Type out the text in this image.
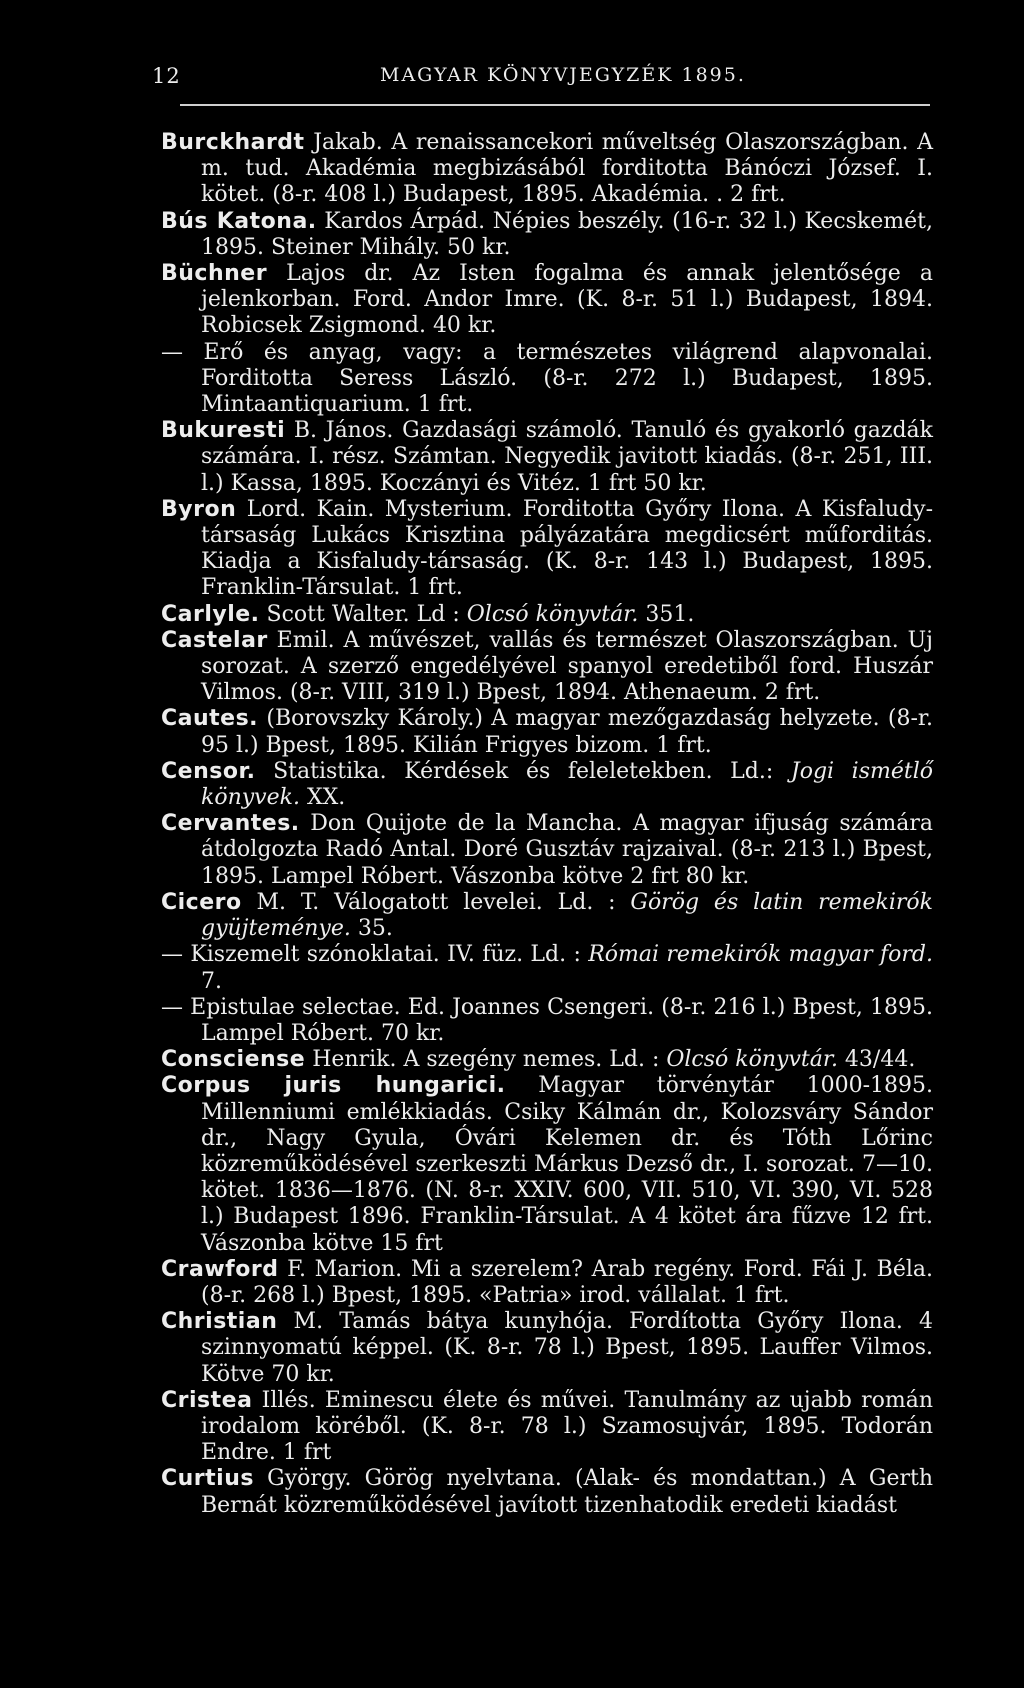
12	MAGYAR KÖNYVJEGYZÉK 1895.

Burckhardt Jakab. A renaissancekori műveltség Olaszországban. A m. tud. Akadémia megbizásából forditotta Bánóczi József. I. kötet. (8-r. 408 l.) Budapest, 1895. Akadémia. . 2 frt.

Bús Katona. Kardos Árpád. Népies beszély. (16-r. 32 l.) Kecskemét, 1895. Steiner Mihály. 50 kr.

Büchner Lajos dr. Az Isten fogalma és annak jelentősége a jelenkorban. Ford. Andor Imre. (K. 8-r. 51 l.) Budapest, 1894. Robicsek Zsigmond. 40 kr.

— Erő és anyag, vagy: a természetes világrend alapvonalai. Forditotta Seress László. (8-r. 272 l.) Budapest, 1895. Mintaantiquarium. 1 frt.

Bukuresti B. János. Gazdasági számoló. Tanuló és gyakorló gazdák számára. I. rész. Számtan. Negyedik javitott kiadás. (8-r. 251, III. l.) Kassa, 1895. Koczányi és Vitéz. 1 frt 50 kr.

Byron Lord. Kain. Mysterium. Forditotta Győry Ilona. A Kisfaludy-társaság Lukács Krisztina pályázatára megdicsért műforditás. Kiadja a Kisfaludy-társaság. (K. 8-r. 143 l.) Budapest, 1895. Franklin-Társulat. 1 frt.

Carlyle. Scott Walter. Ld : Olcsó könyvtár. 351.

Castelar Emil. A művészet, vallás és természet Olaszországban. Uj sorozat. A szerző engedélyével spanyol eredetiből ford. Huszár Vilmos. (8-r. VIII, 319 l.) Bpest, 1894. Athenaeum. 2 frt.

Cautes. (Borovszky Károly.) A magyar mezőgazdaság helyzete. (8-r. 95 l.) Bpest, 1895. Kilián Frigyes bizom. 1 frt.

Censor. Statistika. Kérdések és feleletekben. Ld.: Jogi ismétlő könyvek. XX.

Cervantes. Don Quijote de la Mancha. A magyar ifjuság számára átdolgozta Radó Antal. Doré Gusztáv rajzaival. (8-r. 213 l.) Bpest, 1895. Lampel Róbert. Vászonba kötve 2 frt 80 kr.

Cicero M. T. Válogatott levelei. Ld. : Görög és latin remekirók gyüjteménye. 35.

— Kiszemelt szónoklatai. IV. füz. Ld. : Római remekirók magyar ford. 7.

— Epistulae selectae. Ed. Joannes Csengeri. (8-r. 216 l.) Bpest, 1895. Lampel Róbert. 70 kr.

Consciense Henrik. A szegény nemes. Ld. : Olcsó könyvtár. 43/44.

Corpus juris hungarici. Magyar törvénytár 1000-1895. Millenniumi emlékkiadás. Csiky Kálmán dr., Kolozsváry Sándor dr., Nagy Gyula, Óvári Kelemen dr. és Tóth Lőrinc közreműködésével szerkeszti Márkus Dezső dr., I. sorozat. 7—10. kötet. 1836—1876. (N. 8-r. XXIV. 600, VII. 510, VI. 390, VI. 528 l.) Budapest 1896. Franklin-Társulat. A 4 kötet ára fűzve 12 frt. Vászonba kötve 15 frt

Crawford F. Marion. Mi a szerelem? Arab regény. Ford. Fái J. Béla. (8-r. 268 l.) Bpest, 1895. «Patria» irod. vállalat. 1 frt.

Christian M. Tamás bátya kunyhója. Fordította Győry Ilona. 4 szinnyomatú képpel. (K. 8-r. 78 l.) Bpest, 1895. Lauffer Vilmos. Kötve 70 kr.

Cristea Illés. Eminescu élete és művei. Tanulmány az ujabb román irodalom köréből. (K. 8-r. 78 l.) Szamosujvár, 1895. Todorán Endre. 1 frt

Curtius György. Görög nyelvtana. (Alak- és mondattan.) A Gerth Bernát közreműködésével javított tizenhatodik eredeti kiadást
